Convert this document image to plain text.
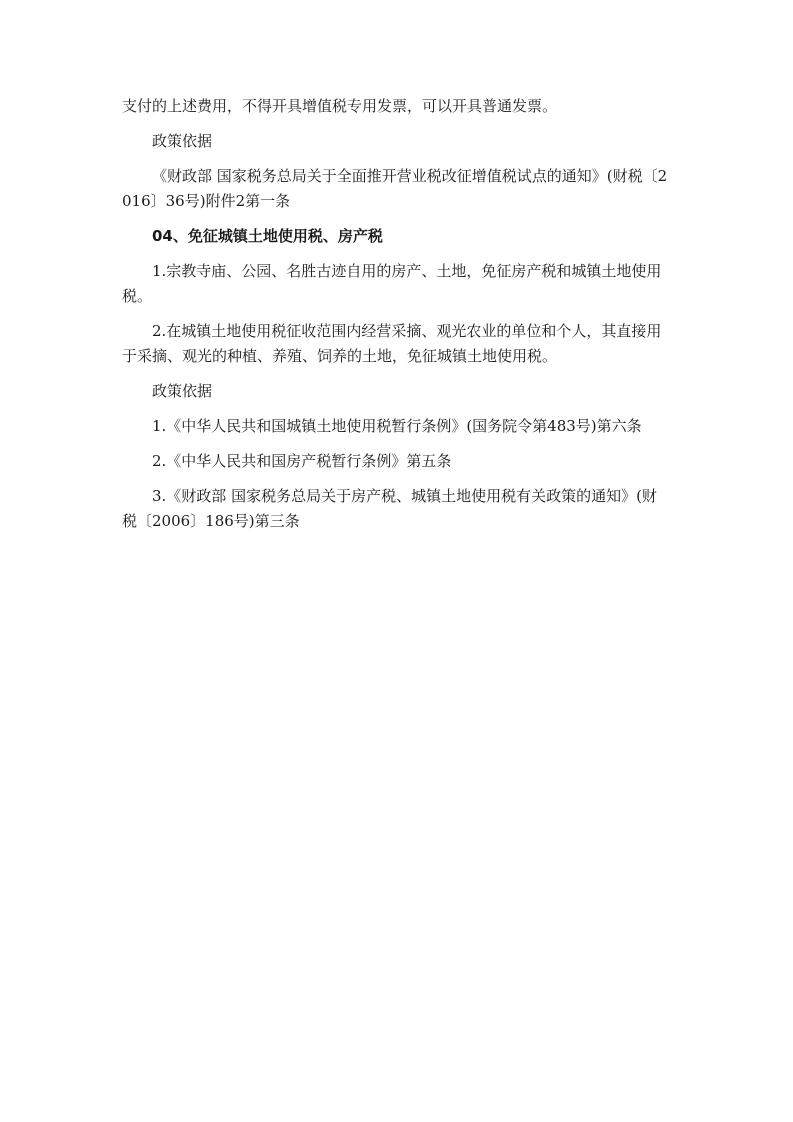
支付的上述费用，不得开具增值税专用发票，可以开具普通发票。

政策依据

《财政部 国家税务总局关于全面推开营业税改征增值税试点的通知》(财税〔2016〕36号)附件2第一条

04、免征城镇土地使用税、房产税

1.宗教寺庙、公园、名胜古迹自用的房产、土地，免征房产税和城镇土地使用税。

2.在城镇土地使用税征收范围内经营采摘、观光农业的单位和个人，其直接用于采摘、观光的种植、养殖、饲养的土地，免征城镇土地使用税。

政策依据

1.《中华人民共和国城镇土地使用税暂行条例》(国务院令第483号)第六条

2.《中华人民共和国房产税暂行条例》第五条

3.《财政部 国家税务总局关于房产税、城镇土地使用税有关政策的通知》(财税〔2006〕186号)第三条
